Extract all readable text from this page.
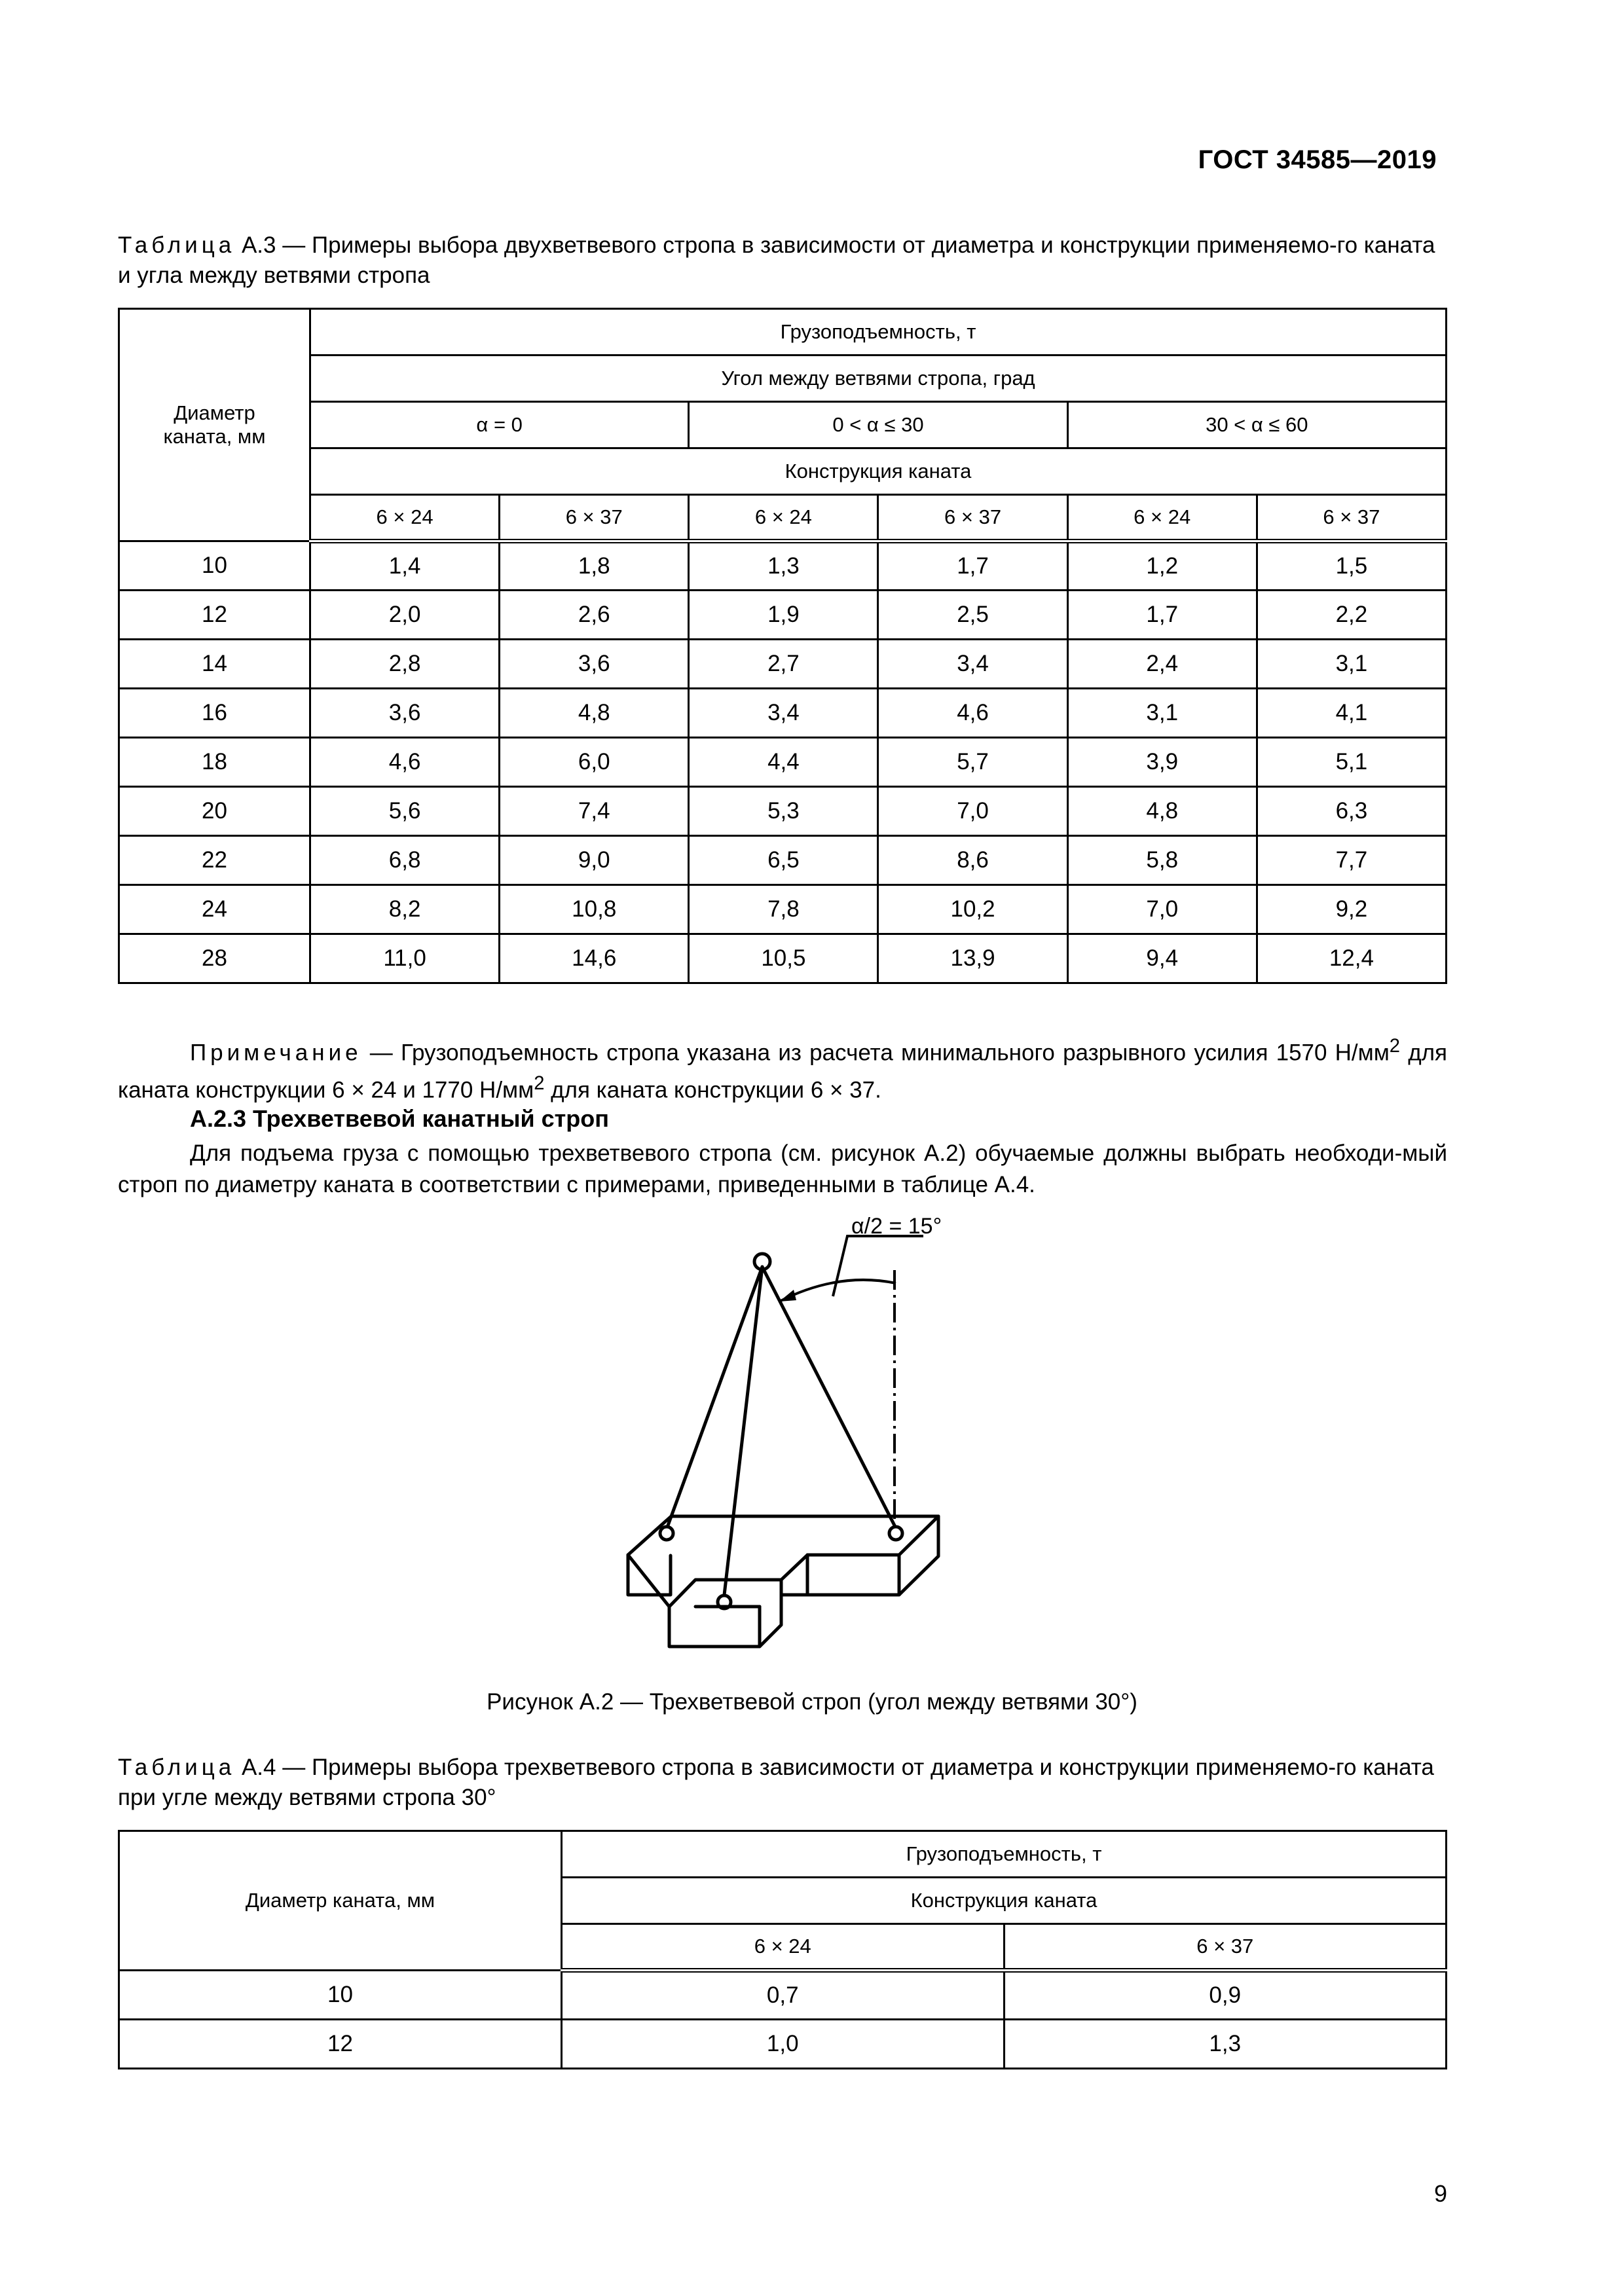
ГОСТ 34585—2019
Таблица А.3 — Примеры выбора двухветвевого стропа в зависимости от диаметра и конструкции применяемо-го каната и угла между ветвями стропа
Диаметр каната, мм	Грузоподъемность, т					
	Угол между ветвями стропа, град					
	α = 0		0 < α ≤ 30		30 < α ≤ 60	
	Конструкция каната					
	6 × 24	6 × 37	6 × 24	6 × 37	6 × 24	6 × 37
10	1,4	1,8	1,3	1,7	1,2	1,5
12	2,0	2,6	1,9	2,5	1,7	2,2
14	2,8	3,6	2,7	3,4	2,4	3,1
16	3,6	4,8	3,4	4,6	3,1	4,1
18	4,6	6,0	4,4	5,7	3,9	5,1
20	5,6	7,4	5,3	7,0	4,8	6,3
22	6,8	9,0	6,5	8,6	5,8	7,7
24	8,2	10,8	7,8	10,2	7,0	9,2
28	11,0	14,6	10,5	13,9	9,4	12,4
Примечание — Грузоподъемность стропа указана из расчета минимального разрывного усилия 1570 $Н/мм^2$ для каната конструкции 6 × 24 и 1770 $Н/мм^2$ для каната конструкции 6 × 37.
А.2.3 Трехветвевой канатный строп
Для подъема груза с помощью трехветвевого стропа (см. рисунок А.2) обучаемые должны выбрать необходи-мый строп по диаметру каната в соответствии с примерами, приведенными в таблице А.4.
α/2 = 15°
Рисунок А.2 — Трехветвевой строп (угол между ветвями 30°)
Таблица А.4 — Примеры выбора трехветвевого стропа в зависимости от диаметра и конструкции применяемо-го каната при угле между ветвями стропа 30°
Диаметр каната, мм	Грузоподъемность, т	
	Конструкция каната	
	6 × 24	6 × 37
10	0,7	0,9
12	1,0	1,3
9
